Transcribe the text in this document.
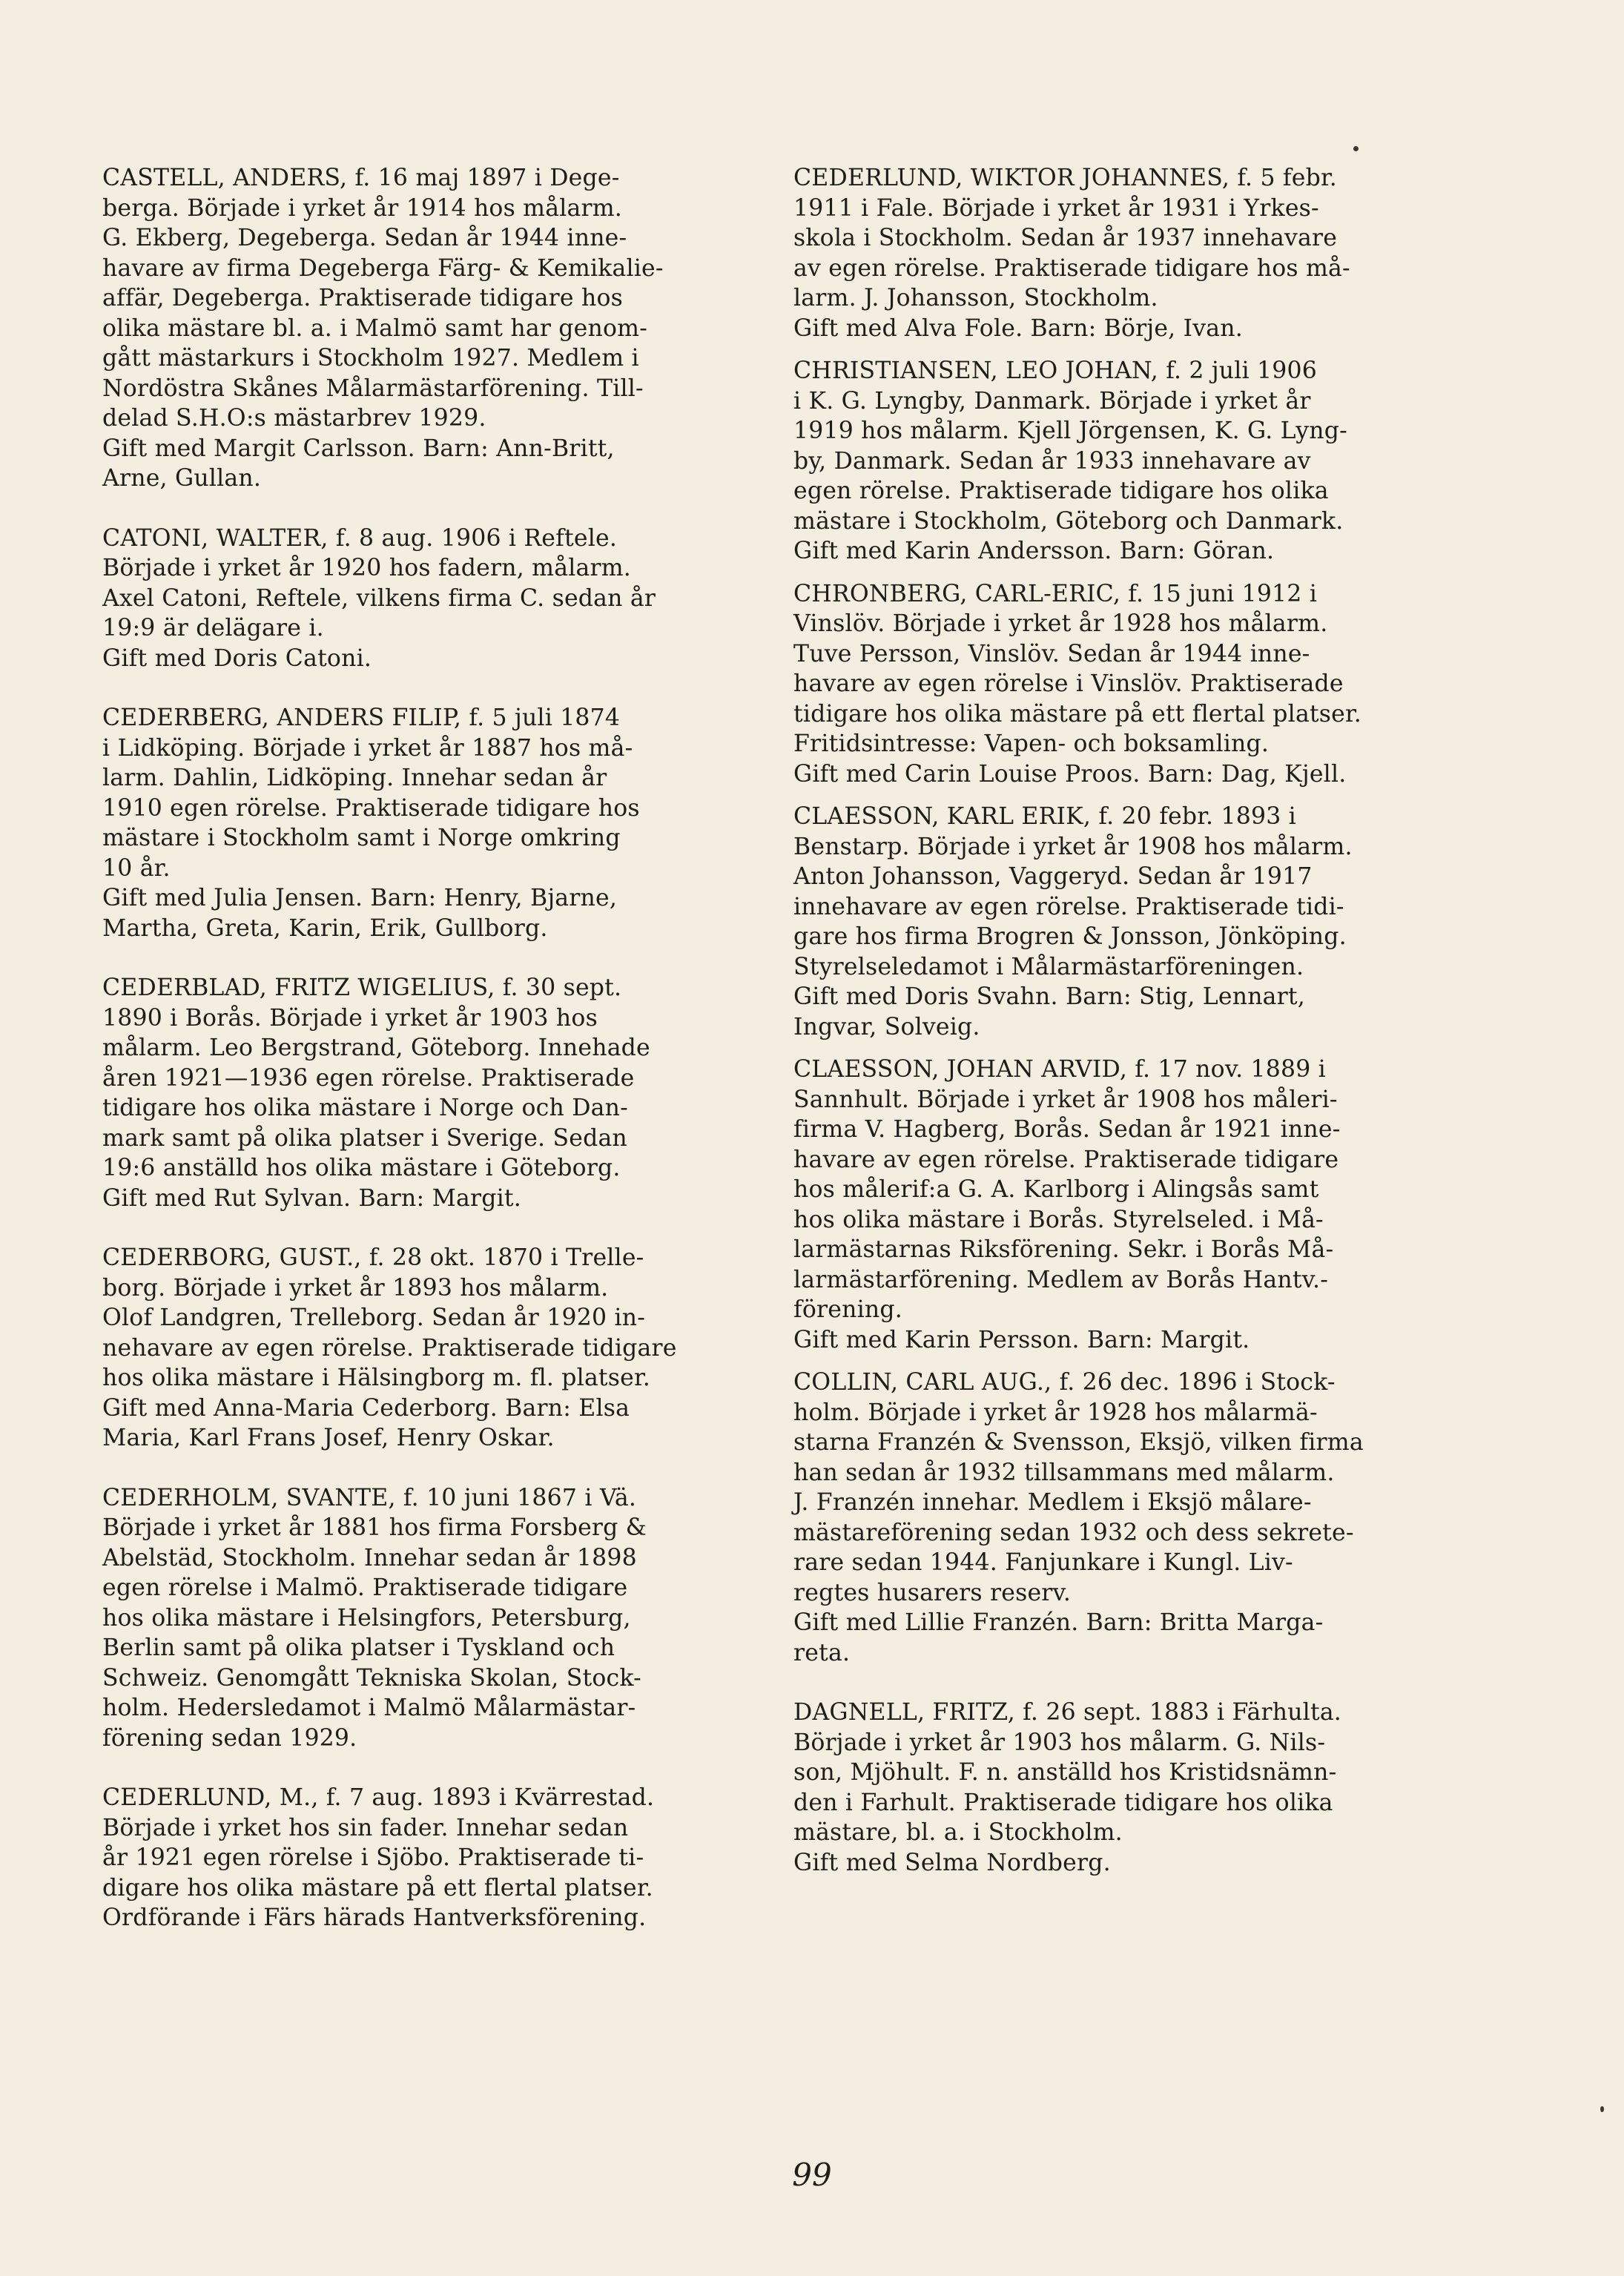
CASTELL, ANDERS, f. 16 maj 1897 i Dege-
berga. Började i yrket år 1914 hos målarm.
G. Ekberg, Degeberga. Sedan år 1944 inne-
havare av firma Degeberga Färg- & Kemikalie-
affär, Degeberga. Praktiserade tidigare hos
olika mästare bl. a. i Malmö samt har genom-
gått mästarkurs i Stockholm 1927. Medlem i
Nordöstra Skånes Målarmästarförening. Till-
delad S.H.O:s mästarbrev 1929.
Gift med Margit Carlsson. Barn: Ann-Britt,
Arne, Gullan.
CATONI, WALTER, f. 8 aug. 1906 i Reftele.
Började i yrket år 1920 hos fadern, målarm.
Axel Catoni, Reftele, vilkens firma C. sedan år
19:9 är delägare i.
Gift med Doris Catoni.
CEDERBERG, ANDERS FILIP, f. 5 juli 1874
i Lidköping. Började i yrket år 1887 hos må-
larm. Dahlin, Lidköping. Innehar sedan år
1910 egen rörelse. Praktiserade tidigare hos
mästare i Stockholm samt i Norge omkring
10 år.
Gift med Julia Jensen. Barn: Henry, Bjarne,
Martha, Greta, Karin, Erik, Gullborg.
CEDERBLAD, FRITZ WIGELIUS, f. 30 sept.
1890 i Borås. Började i yrket år 1903 hos
målarm. Leo Bergstrand, Göteborg. Innehade
åren 1921—1936 egen rörelse. Praktiserade
tidigare hos olika mästare i Norge och Dan-
mark samt på olika platser i Sverige. Sedan
19:6 anställd hos olika mästare i Göteborg.
Gift med Rut Sylvan. Barn: Margit.
CEDERBORG, GUST., f. 28 okt. 1870 i Trelle-
borg. Började i yrket år 1893 hos målarm.
Olof Landgren, Trelleborg. Sedan år 1920 in-
nehavare av egen rörelse. Praktiserade tidigare
hos olika mästare i Hälsingborg m. fl. platser.
Gift med Anna-Maria Cederborg. Barn: Elsa
Maria, Karl Frans Josef, Henry Oskar.
CEDERHOLM, SVANTE, f. 10 juni 1867 i Vä.
Började i yrket år 1881 hos firma Forsberg &
Abelstäd, Stockholm. Innehar sedan år 1898
egen rörelse i Malmö. Praktiserade tidigare
hos olika mästare i Helsingfors, Petersburg,
Berlin samt på olika platser i Tyskland och
Schweiz. Genomgått Tekniska Skolan, Stock-
holm. Hedersledamot i Malmö Målarmästar-
förening sedan 1929.
CEDERLUND, M., f. 7 aug. 1893 i Kvärrestad.
Började i yrket hos sin fader. Innehar sedan
år 1921 egen rörelse i Sjöbo. Praktiserade ti-
digare hos olika mästare på ett flertal platser.
Ordförande i Färs härads Hantverksförening.
CEDERLUND, WIKTOR JOHANNES, f. 5 febr.
1911 i Fale. Började i yrket år 1931 i Yrkes-
skola i Stockholm. Sedan år 1937 innehavare
av egen rörelse. Praktiserade tidigare hos må-
larm. J. Johansson, Stockholm.
Gift med Alva Fole. Barn: Börje, Ivan.
CHRISTIANSEN, LEO JOHAN, f. 2 juli 1906
i K. G. Lyngby, Danmark. Började i yrket år
1919 hos målarm. Kjell Jörgensen, K. G. Lyng-
by, Danmark. Sedan år 1933 innehavare av
egen rörelse. Praktiserade tidigare hos olika
mästare i Stockholm, Göteborg och Danmark.
Gift med Karin Andersson. Barn: Göran.
CHRONBERG, CARL-ERIC, f. 15 juni 1912 i
Vinslöv. Började i yrket år 1928 hos målarm.
Tuve Persson, Vinslöv. Sedan år 1944 inne-
havare av egen rörelse i Vinslöv. Praktiserade
tidigare hos olika mästare på ett flertal platser.
Fritidsintresse: Vapen- och boksamling.
Gift med Carin Louise Proos. Barn: Dag, Kjell.
CLAESSON, KARL ERIK, f. 20 febr. 1893 i
Benstarp. Började i yrket år 1908 hos målarm.
Anton Johansson, Vaggeryd. Sedan år 1917
innehavare av egen rörelse. Praktiserade tidi-
gare hos firma Brogren & Jonsson, Jönköping.
Styrelseledamot i Målarmästarföreningen.
Gift med Doris Svahn. Barn: Stig, Lennart,
Ingvar, Solveig.
CLAESSON, JOHAN ARVID, f. 17 nov. 1889 i
Sannhult. Började i yrket år 1908 hos måleri-
firma V. Hagberg, Borås. Sedan år 1921 inne-
havare av egen rörelse. Praktiserade tidigare
hos målerif:a G. A. Karlborg i Alingsås samt
hos olika mästare i Borås. Styrelseled. i Må-
larmästarnas Riksförening. Sekr. i Borås Må-
larmästarförening. Medlem av Borås Hantv.-
förening.
Gift med Karin Persson. Barn: Margit.
COLLIN, CARL AUG., f. 26 dec. 1896 i Stock-
holm. Började i yrket år 1928 hos målarmä-
starna Franzén & Svensson, Eksjö, vilken firma
han sedan år 1932 tillsammans med målarm.
J. Franzén innehar. Medlem i Eksjö målare-
mästareförening sedan 1932 och dess sekrete-
rare sedan 1944. Fanjunkare i Kungl. Liv-
regtes husarers reserv.
Gift med Lillie Franzén. Barn: Britta Marga-
reta.
DAGNELL, FRITZ, f. 26 sept. 1883 i Färhulta.
Började i yrket år 1903 hos målarm. G. Nils-
son, Mjöhult. F. n. anställd hos Kristidsnämn-
den i Farhult. Praktiserade tidigare hos olika
mästare, bl. a. i Stockholm.
Gift med Selma Nordberg.
99
